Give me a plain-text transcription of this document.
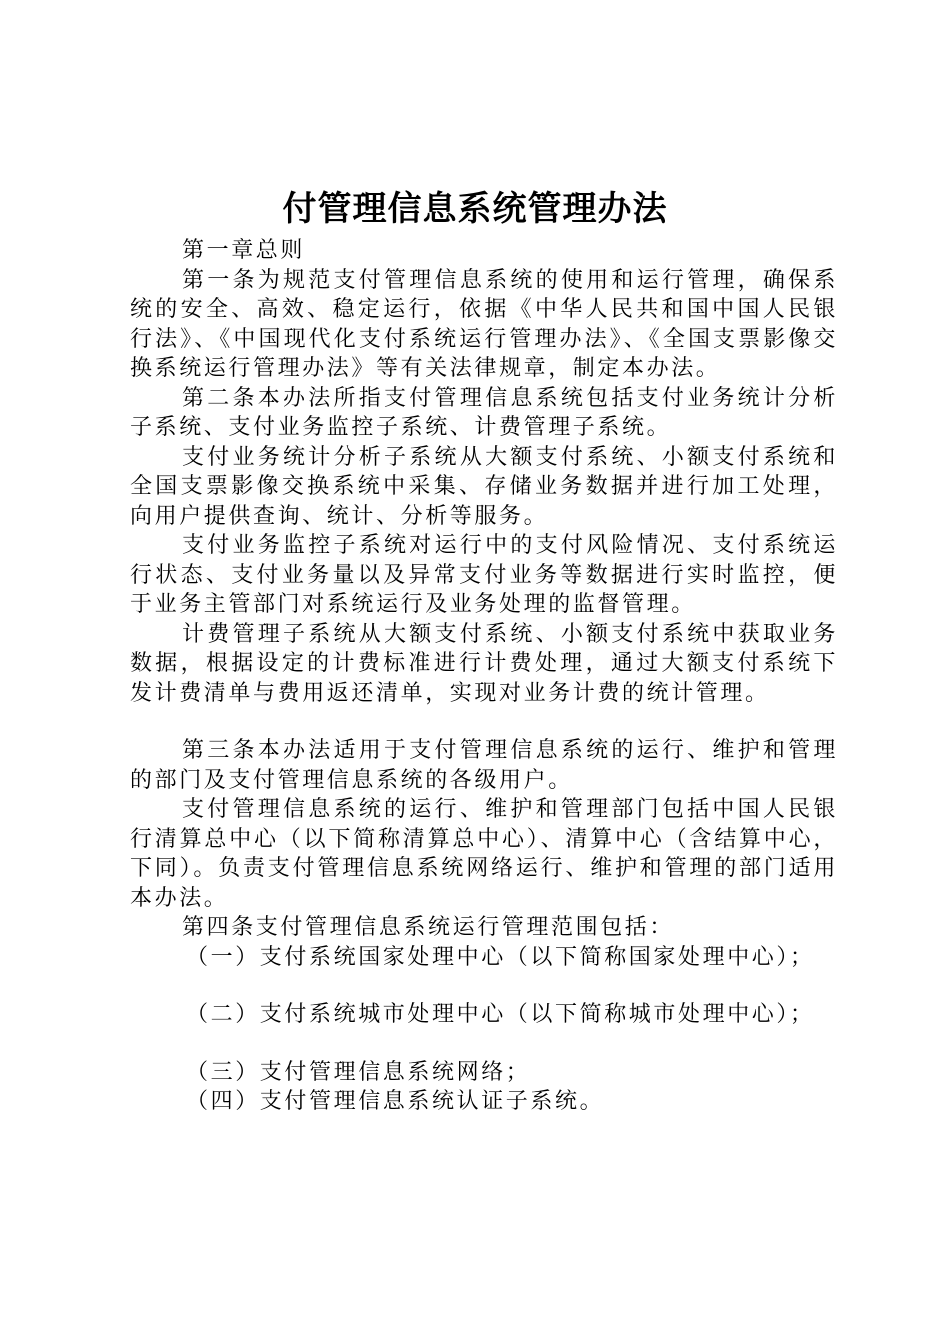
付管理信息系统管理办法

第一章总则

第一条为规范支付管理信息系统的使用和运行管理，确保系统的安全、高效、稳定运行，依据《中华人民共和国中国人民银行法》、《中国现代化支付系统运行管理办法》、《全国支票影像交换系统运行管理办法》等有关法律规章，制定本办法。

第二条本办法所指支付管理信息系统包括支付业务统计分析子系统、支付业务监控子系统、计费管理子系统。

支付业务统计分析子系统从大额支付系统、小额支付系统和全国支票影像交换系统中采集、存储业务数据并进行加工处理，向用户提供查询、统计、分析等服务。

支付业务监控子系统对运行中的支付风险情况、支付系统运行状态、支付业务量以及异常支付业务等数据进行实时监控，便于业务主管部门对系统运行及业务处理的监督管理。

计费管理子系统从大额支付系统、小额支付系统中获取业务数据，根据设定的计费标准进行计费处理，通过大额支付系统下发计费清单与费用返还清单，实现对业务计费的统计管理。

第三条本办法适用于支付管理信息系统的运行、维护和管理的部门及支付管理信息系统的各级用户。

支付管理信息系统的运行、维护和管理部门包括中国人民银行清算总中心（以下简称清算总中心）、清算中心（含结算中心，下同）。负责支付管理信息系统网络运行、维护和管理的部门适用本办法。

第四条支付管理信息系统运行管理范围包括：

（一）支付系统国家处理中心（以下简称国家处理中心）；

（二）支付系统城市处理中心（以下简称城市处理中心）；

（三）支付管理信息系统网络；

（四）支付管理信息系统认证子系统。
